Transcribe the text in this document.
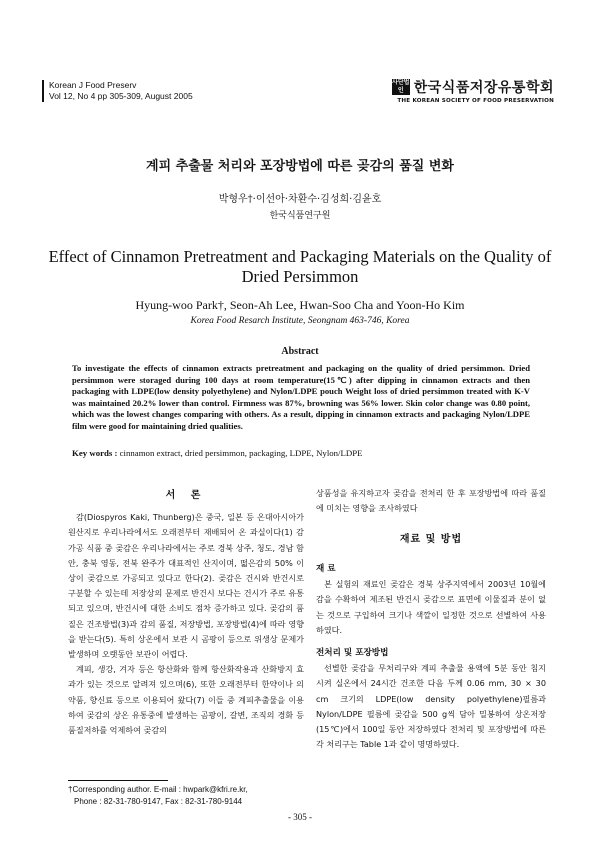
Korean J Food Preserv
Vol 12, No 4 pp 305-309, August 2005
사단법인 한국식품저장유통학회
THE KOREAN SOCIETY OF FOOD PRESERVATION
계피 추출물 처리와 포장방법에 따른 곶감의 품질 변화
박형우†·이선아·차환수·김성희·김윤호
한국식품연구원
Effect of Cinnamon Pretreatment and Packaging Materials on the Quality of Dried Persimmon
Hyung-woo Park†, Seon-Ah Lee, Hwan-Soo Cha and Yoon-Ho Kim
Korea Food Resarch Institute, Seongnam 463-746, Korea
Abstract
To investigate the effects of cinnamon extracts pretreatment and packaging on the quality of dried persimmon. Dried persimmon were storaged during 100 days at room temperature(15℃) after dipping in cinnamon extracts and then packaging with LDPE(low density polyethylene) and Nylon/LDPE pouch Weight loss of dried persimmon treated with K-V was maintained 20.2% lower than control. Firmness was 87%, browning was 56% lower. Skin color change was 0.80 point, which was the lowest changes comparing with others. As a result, dipping in cinnamon extracts and packaging Nylon/LDPE film were good for maintaining dried qualities.
Key words : cinnamon extract, dried persimmon, packaging, LDPE, Nylon/LDPE
서 론

감(Diospyros Kaki, Thunberg)은 중국, 일본 등 온대아시아가 원산지로 우리나라에서도 오래전부터 재배되어 온 과실이다(1) 감 가공 식품 중 곶감은 우리나라에서는 주로 경북 상주, 청도, 경남 함안, 충북 영동, 전북 완주가 대표적인 산지이며, 떫은감의 50% 이상이 곶감으로 가공되고 있다고 한다(2). 곶감은 건시와 반건시로 구분할 수 있는데 저장상의 문제로 반건시 보다는 건시가 주로 유통되고 있으며, 반건시에 대한 소비도 점차 증가하고 있다. 곶감의 품질은 건조방법(3)과 감의 품질, 저장방법, 포장방법(4)에 따라 영향을 받는다(5). 특히 상온에서 보관 시 곰팡이 등으로 위생상 문제가 발생하며 오랫동안 보관이 어렵다.

계피, 생강, 겨자 등은 항산화와 함께 항산화작용과 산화방지 효과가 있는 것으로 알려져 있으며(6), 또한 오래전부터 한약이나 의약품, 향신료 등으로 이용되어 왔다(7) 이들 중 계피추출물을 이용하여 곶감의 상온 유통중에 발생하는 곰팡이, 갈변, 조직의 경화 등 품질저하를 억제하여 곶감의

상품성을 유지하고자 곶감을 전처리 한 후 포장방법에 따라 품질에 미치는 영향을 조사하였다

재료 및 방법
재 료

본 실험의 재료인 곶감은 경북 상주지역에서 2003년 10월에 감을 수확하여 제조된 반건시 곶감으로 표면에 이물질과 분이 없는 것으로 구입하여 크기나 색깔이 일정한 것으로 선별하여 사용하였다.

전처리 및 포장방법

선별한 곶감을 무처리구와 계피 추출물 용액에 5분 동안 침지 시켜 실온에서 24시간 건조한 다음 두께 0.06 mm, 30 × 30 cm 크기의 LDPE(low density polyethylene)필름과 Nylon/LDPE 필름에 곶감을 500 g씩 담아 밀봉하여 상온저장(15℃)에서 100일 동안 저장하였다 전처리 및 포장방법에 따른 각 처리구는 Table 1과 같이 명명하였다.

†Corresponding author. E-mail : hwpark@kfri.re.kr,
Phone : 82-31-780-9147, Fax : 82-31-780-9144
- 305 -
